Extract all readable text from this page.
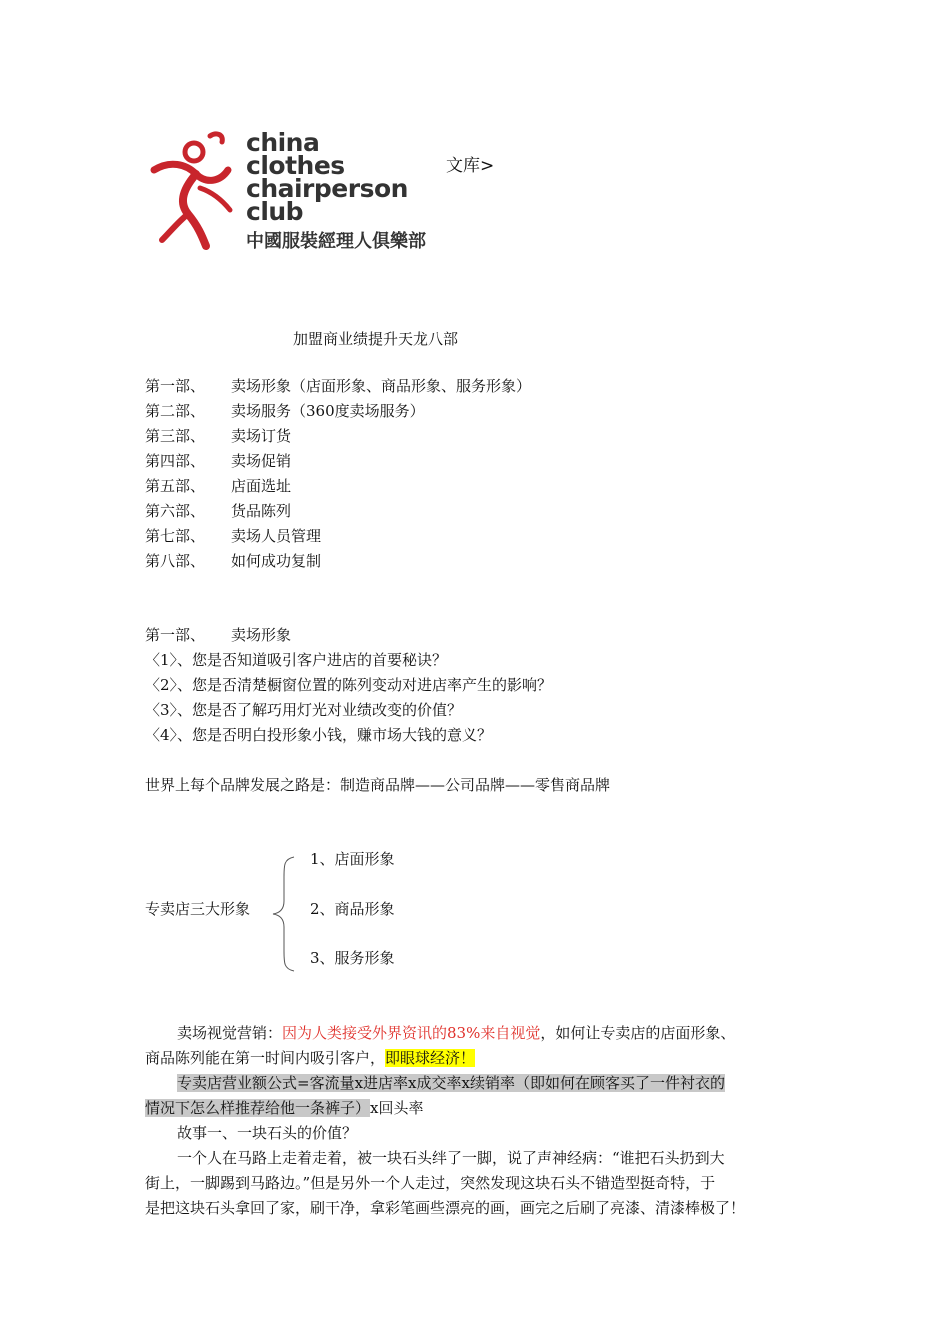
china
clothes
chairperson
club
中國服裝經理人俱樂部
文库>
加盟商业绩提升天龙八部
第一部、	卖场形象（店面形象、商品形象、服务形象）
第二部、	卖场服务（360度卖场服务）
第三部、	卖场订货
第四部、	卖场促销
第五部、	店面选址
第六部、	货品陈列
第七部、	卖场人员管理
第八部、	如何成功复制
第一部、	卖场形象
〈1〉、您是否知道吸引客户进店的首要秘诀？
〈2〉、您是否清楚橱窗位置的陈列变动对进店率产生的影响？
〈3〉、您是否了解巧用灯光对业绩改变的价值？
〈4〉、您是否明白投形象小钱，赚市场大钱的意义？
世界上每个品牌发展之路是：制造商品牌——公司品牌——零售商品牌
专卖店三大形象
1、店面形象
2、商品形象
3、服务形象
卖场视觉营销：因为人类接受外界资讯的83%来自视觉，如何让专卖店的店面形象、
商品陈列能在第一时间内吸引客户，即眼球经济！
专卖店营业额公式=客流量x进店率x成交率x续销率（即如何在顾客买了一件衬衣的
情况下怎么样推荐给他一条裤子）x回头率
故事一、一块石头的价值？
一个人在马路上走着走着，被一块石头绊了一脚，说了声神经病：“谁把石头扔到大
街上，一脚踢到马路边。”但是另外一个人走过，突然发现这块石头不错造型挺奇特，于
是把这块石头拿回了家，刷干净，拿彩笔画些漂亮的画，画完之后刷了亮漆、清漆棒极了！
